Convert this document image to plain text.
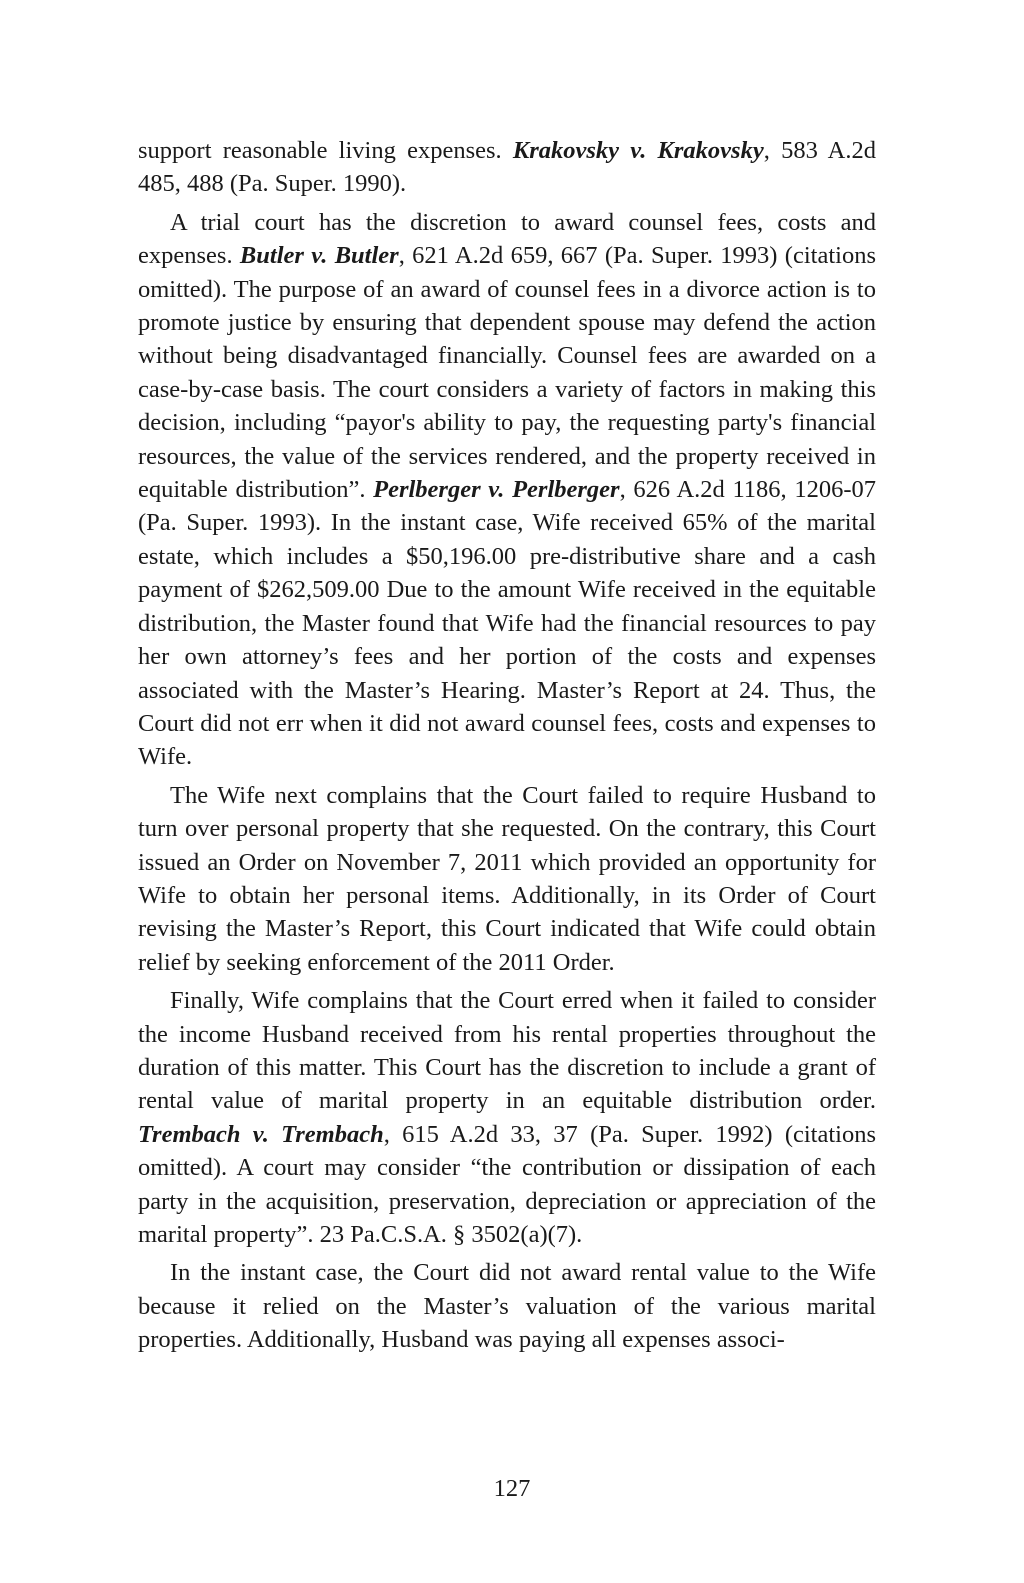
support reasonable living expenses. Krakovsky v. Krakovsky, 583 A.2d 485, 488 (Pa. Super. 1990).

A trial court has the discretion to award counsel fees, costs and expenses. Butler v. Butler, 621 A.2d 659, 667 (Pa. Super. 1993) (citations omitted). The purpose of an award of counsel fees in a divorce action is to promote justice by ensuring that dependent spouse may defend the action without being disadvantaged financially. Counsel fees are awarded on a case-by-case basis. The court considers a variety of factors in making this decision, including “payor's ability to pay, the requesting party's financial resources, the value of the services rendered, and the property received in equitable distribution”. Perlberger v. Perlberger, 626 A.2d 1186, 1206-07 (Pa. Super. 1993). In the instant case, Wife received 65% of the marital estate, which includes a $50,196.00 pre-distributive share and a cash payment of $262,509.00 Due to the amount Wife received in the equitable distribution, the Master found that Wife had the financial resources to pay her own attorney’s fees and her portion of the costs and expenses associated with the Master’s Hearing. Master’s Report at 24. Thus, the Court did not err when it did not award counsel fees, costs and expenses to Wife.

The Wife next complains that the Court failed to require Husband to turn over personal property that she requested. On the contrary, this Court issued an Order on November 7, 2011 which provided an opportunity for Wife to obtain her personal items. Additionally, in its Order of Court revising the Master’s Report, this Court indicated that Wife could obtain relief by seeking enforcement of the 2011 Order.

Finally, Wife complains that the Court erred when it failed to consider the income Husband received from his rental properties throughout the duration of this matter. This Court has the discretion to include a grant of rental value of marital property in an equitable distribution order. Trembach v. Trembach, 615 A.2d 33, 37 (Pa. Super. 1992) (citations omitted). A court may consider “the contribution or dissipation of each party in the acquisition, preservation, depreciation or appreciation of the marital property”. 23 Pa.C.S.A. § 3502(a)(7).

In the instant case, the Court did not award rental value to the Wife because it relied on the Master’s valuation of the various marital properties. Additionally, Husband was paying all expenses associ-

127
